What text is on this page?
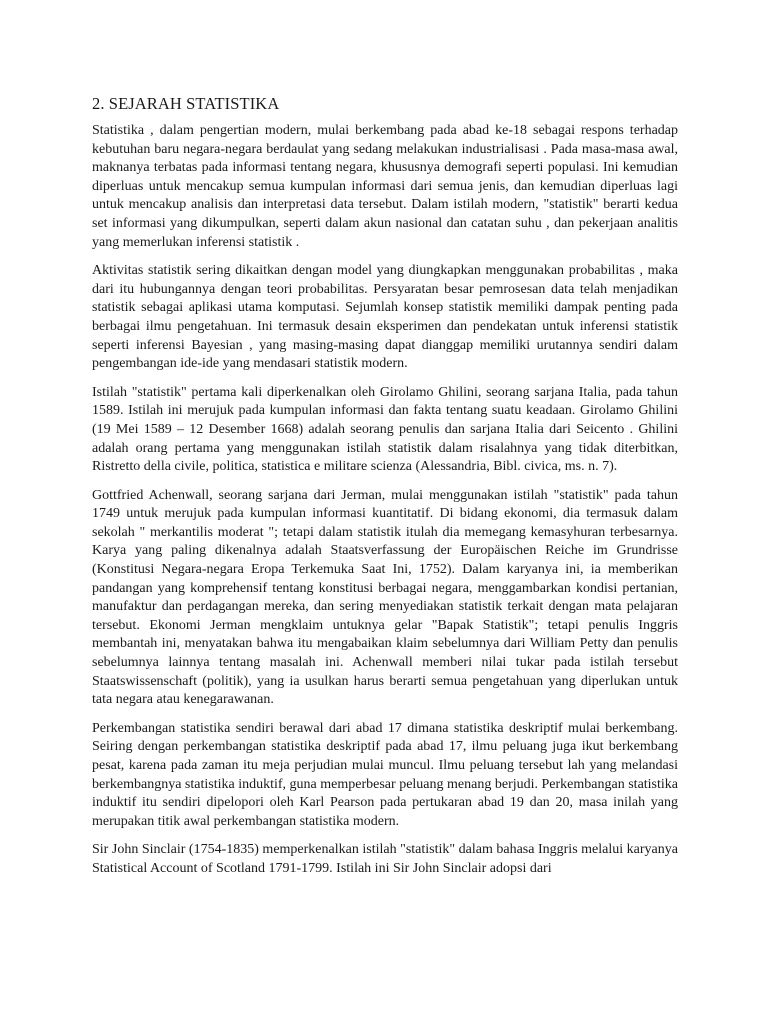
2. SEJARAH STATISTIKA

Statistika , dalam pengertian modern, mulai berkembang pada abad ke-18 sebagai respons terhadap kebutuhan baru negara-negara berdaulat yang sedang melakukan industrialisasi . Pada masa-masa awal, maknanya terbatas pada informasi tentang negara, khususnya demografi seperti populasi. Ini kemudian diperluas untuk mencakup semua kumpulan informasi dari semua jenis, dan kemudian diperluas lagi untuk mencakup analisis dan interpretasi data tersebut. Dalam istilah modern, "statistik" berarti kedua set informasi yang dikumpulkan, seperti dalam akun nasional dan catatan suhu , dan pekerjaan analitis yang memerlukan inferensi statistik .

Aktivitas statistik sering dikaitkan dengan model yang diungkapkan menggunakan probabilitas , maka dari itu hubungannya dengan teori probabilitas. Persyaratan besar pemrosesan data telah menjadikan statistik sebagai aplikasi utama komputasi. Sejumlah konsep statistik memiliki dampak penting pada berbagai ilmu pengetahuan. Ini termasuk desain eksperimen dan pendekatan untuk inferensi statistik seperti inferensi Bayesian , yang masing-masing dapat dianggap memiliki urutannya sendiri dalam pengembangan ide-ide yang mendasari statistik modern.

Istilah "statistik" pertama kali diperkenalkan oleh Girolamo Ghilini, seorang sarjana Italia, pada tahun 1589. Istilah ini merujuk pada kumpulan informasi dan fakta tentang suatu keadaan. Girolamo Ghilini (19 Mei 1589 – 12 Desember 1668) adalah seorang penulis dan sarjana Italia dari Seicento . Ghilini adalah orang pertama yang menggunakan istilah statistik dalam risalahnya yang tidak diterbitkan, Ristretto della civile, politica, statistica e militare scienza (Alessandria, Bibl. civica, ms. n. 7).

Gottfried Achenwall, seorang sarjana dari Jerman, mulai menggunakan istilah "statistik" pada tahun 1749 untuk merujuk pada kumpulan informasi kuantitatif. Di bidang ekonomi, dia termasuk dalam sekolah " merkantilis moderat "; tetapi dalam statistik itulah dia memegang kemasyhuran terbesarnya. Karya yang paling dikenalnya adalah Staatsverfassung der Europäischen Reiche im Grundrisse (Konstitusi Negara-negara Eropa Terkemuka Saat Ini, 1752). Dalam karyanya ini, ia memberikan pandangan yang komprehensif tentang konstitusi berbagai negara, menggambarkan kondisi pertanian, manufaktur dan perdagangan mereka, dan sering menyediakan statistik terkait dengan mata pelajaran tersebut. Ekonomi Jerman mengklaim untuknya gelar "Bapak Statistik"; tetapi penulis Inggris membantah ini, menyatakan bahwa itu mengabaikan klaim sebelumnya dari William Petty dan penulis sebelumnya lainnya tentang masalah ini. Achenwall memberi nilai tukar pada istilah tersebut Staatswissenschaft (politik), yang ia usulkan harus berarti semua pengetahuan yang diperlukan untuk tata negara atau kenegarawanan.

Perkembangan statistika sendiri berawal dari abad 17 dimana statistika deskriptif mulai berkembang. Seiring dengan perkembangan statistika deskriptif pada abad 17, ilmu peluang juga ikut berkembang pesat, karena pada zaman itu meja perjudian mulai muncul. Ilmu peluang tersebut lah yang melandasi berkembangnya statistika induktif, guna memperbesar peluang menang berjudi. Perkembangan statistika induktif itu sendiri dipelopori oleh Karl Pearson pada pertukaran abad 19 dan 20, masa inilah yang merupakan titik awal perkembangan statistika modern.

Sir John Sinclair (1754-1835) memperkenalkan istilah "statistik" dalam bahasa Inggris melalui karyanya Statistical Account of Scotland 1791-1799. Istilah ini Sir John Sinclair adopsi dari
